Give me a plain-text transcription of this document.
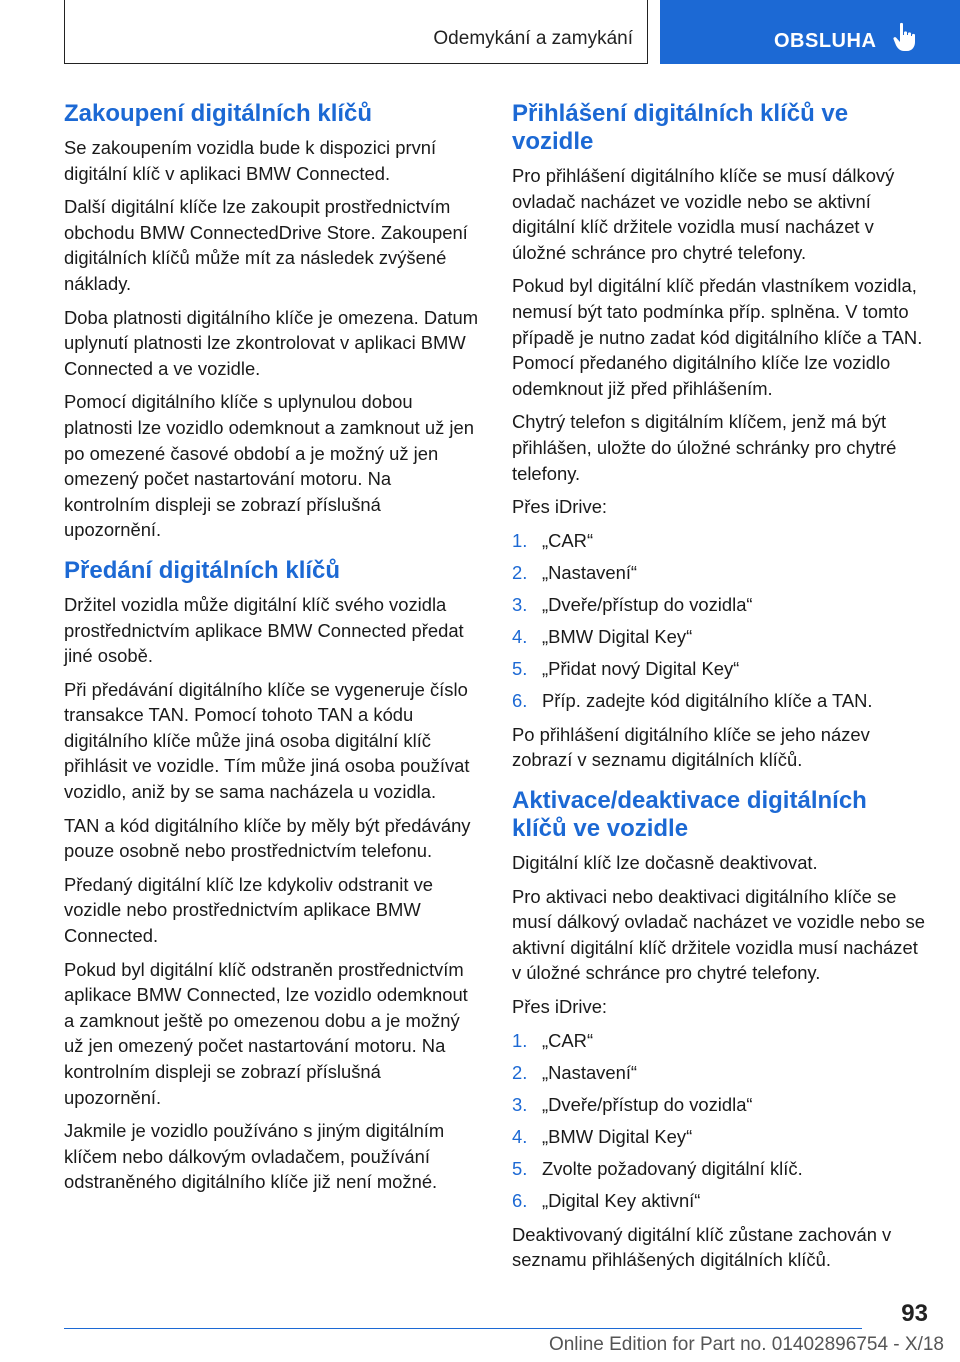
Odemykání a zamykání	OBSLUHA
Zakoupení digitálních klíčů

Se zakoupením vozidla bude k dispozici první digitální klíč v aplikaci BMW Connected.

Další digitální klíče lze zakoupit prostřednictvím obchodu BMW ConnectedDrive Store. Zakoupení digitálních klíčů může mít za následek zvýšené náklady.

Doba platnosti digitálního klíče je omezena. Datum uplynutí platnosti lze zkontrolovat v aplikaci BMW Connected a ve vozidle.

Pomocí digitálního klíče s uplynulou dobou platnosti lze vozidlo odemknout a zamknout už jen po omezené časové období a je možný už jen omezený počet nastartování motoru. Na kontrolním displeji se zobrazí příslušná upozornění.

Předání digitálních klíčů

Držitel vozidla může digitální klíč svého vozidla prostřednictvím aplikace BMW Connected předat jiné osobě.

Při předávání digitálního klíče se vygeneruje číslo transakce TAN. Pomocí tohoto TAN a kódu digitálního klíče může jiná osoba digitální klíč přihlásit ve vozidle. Tím může jiná osoba používat vozidlo, aniž by se sama nacházela u vozidla.

TAN a kód digitálního klíče by měly být předávány pouze osobně nebo prostřednictvím telefonu.

Předaný digitální klíč lze kdykoliv odstranit ve vozidle nebo prostřednictvím aplikace BMW Connected.

Pokud byl digitální klíč odstraněn prostřednictvím aplikace BMW Connected, lze vozidlo odemknout a zamknout ještě po omezenou dobu a je možný už jen omezený počet nastartování motoru. Na kontrolním displeji se zobrazí příslušná upozornění.

Jakmile je vozidlo používáno s jiným digitálním klíčem nebo dálkovým ovladačem, používání odstraněného digitálního klíče již není možné.

Přihlášení digitálních klíčů ve vozidle

Pro přihlášení digitálního klíče se musí dálkový ovladač nacházet ve vozidle nebo se aktivní digitální klíč držitele vozidla musí nacházet v úložné schránce pro chytré telefony.

Pokud byl digitální klíč předán vlastníkem vozidla, nemusí být tato podmínka příp. splněna. V tomto případě je nutno zadat kód digitálního klíče a TAN. Pomocí předaného digitálního klíče lze vozidlo odemknout již před přihlášením.

Chytrý telefon s digitálním klíčem, jenž má být přihlášen, uložte do úložné schránky pro chytré telefony.

Přes iDrive:

1. „CAR“
2. „Nastavení“
3. „Dveře/přístup do vozidla“
4. „BMW Digital Key“
5. „Přidat nový Digital Key“
6. Příp. zadejte kód digitálního klíče a TAN.

Po přihlášení digitálního klíče se jeho název zobrazí v seznamu digitálních klíčů.

Aktivace/deaktivace digitálních klíčů ve vozidle

Digitální klíč lze dočasně deaktivovat.

Pro aktivaci nebo deaktivaci digitálního klíče se musí dálkový ovladač nacházet ve vozidle nebo se aktivní digitální klíč držitele vozidla musí nacházet v úložné schránce pro chytré telefony.

Přes iDrive:

1. „CAR“
2. „Nastavení“
3. „Dveře/přístup do vozidla“
4. „BMW Digital Key“
5. Zvolte požadovaný digitální klíč.
6. „Digital Key aktivní“

Deaktivovaný digitální klíč zůstane zachován v seznamu přihlášených digitálních klíčů.

93
Online Edition for Part no. 01402896754 - X/18
